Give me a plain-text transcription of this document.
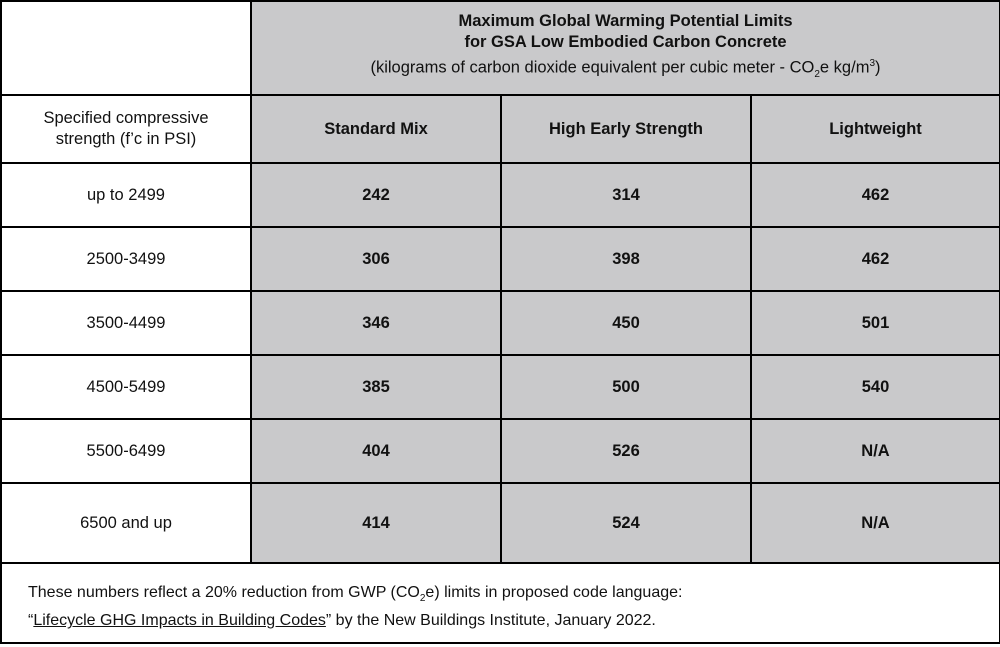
	Maximum Global Warming Potential Limits
for GSA Low Embodied Carbon Concrete
(kilograms of carbon dioxide equivalent per cubic meter - $CO_2e$ $kg/m^3$)		

Specified compressive
strength (f’c in PSI)	Standard Mix	High Early Strength	Lightweight
up to 2499	242	314	462
2500-3499	306	398	462
3500-4499	346	450	501
4500-5499	385	500	540
5500-6499	404	526	N/A
6500 and up	414	524	N/A
These numbers reflect a 20% reduction from GWP $(CO_2e)$ limits in proposed code language:
“Lifecycle GHG Impacts in Building Codes” by the New Buildings Institute, January 2022.			
